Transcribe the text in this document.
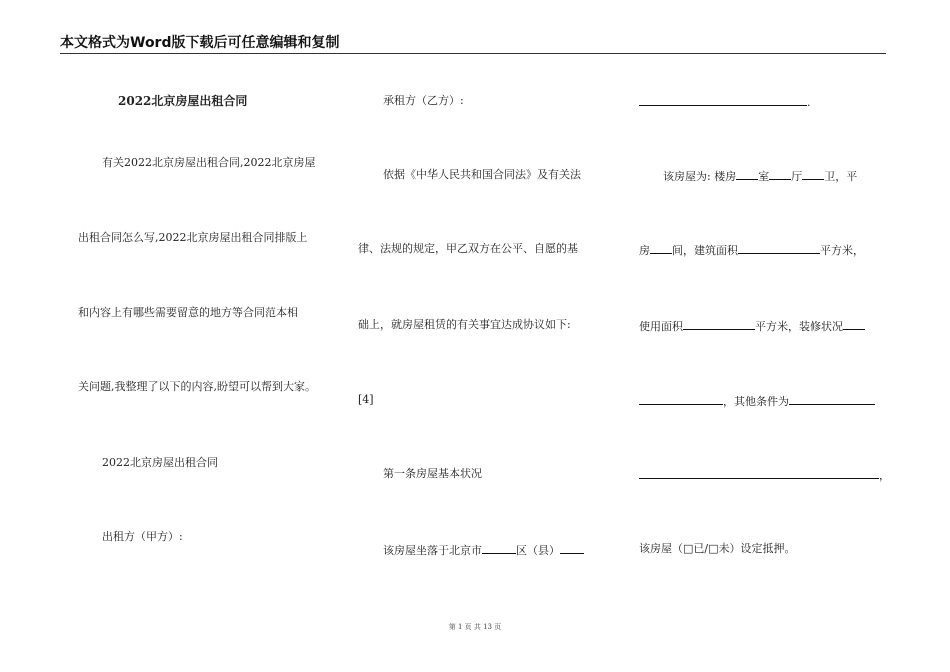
本文格式为Word版下载后可任意编辑和复制
2022北京房屋出租合同
有关2022北京房屋出租合同,2022北京房屋
出租合同怎么写,2022北京房屋出租合同排版上
和内容上有哪些需要留意的地方等合同范本相
关问题,我整理了以下的内容,盼望可以帮到大家。
2022北京房屋出租合同
出租方（甲方）:
承租方（乙方）:
依据《中华人民共和国合同法》及有关法
律、法规的规定，甲乙双方在公平、自愿的基
础上，就房屋租赁的有关事宜达成协议如下:
[4]
第一条房屋基本状况
该房屋坐落于北京市	区（县）
.
该房屋为: 楼房 室 厅 卫，平
房 间，建筑面积	平方米，
使用面积	平方米，装修状况
，其他条件为
，
该房屋（□已/□未）设定抵押。
第 1 页 共 13 页
